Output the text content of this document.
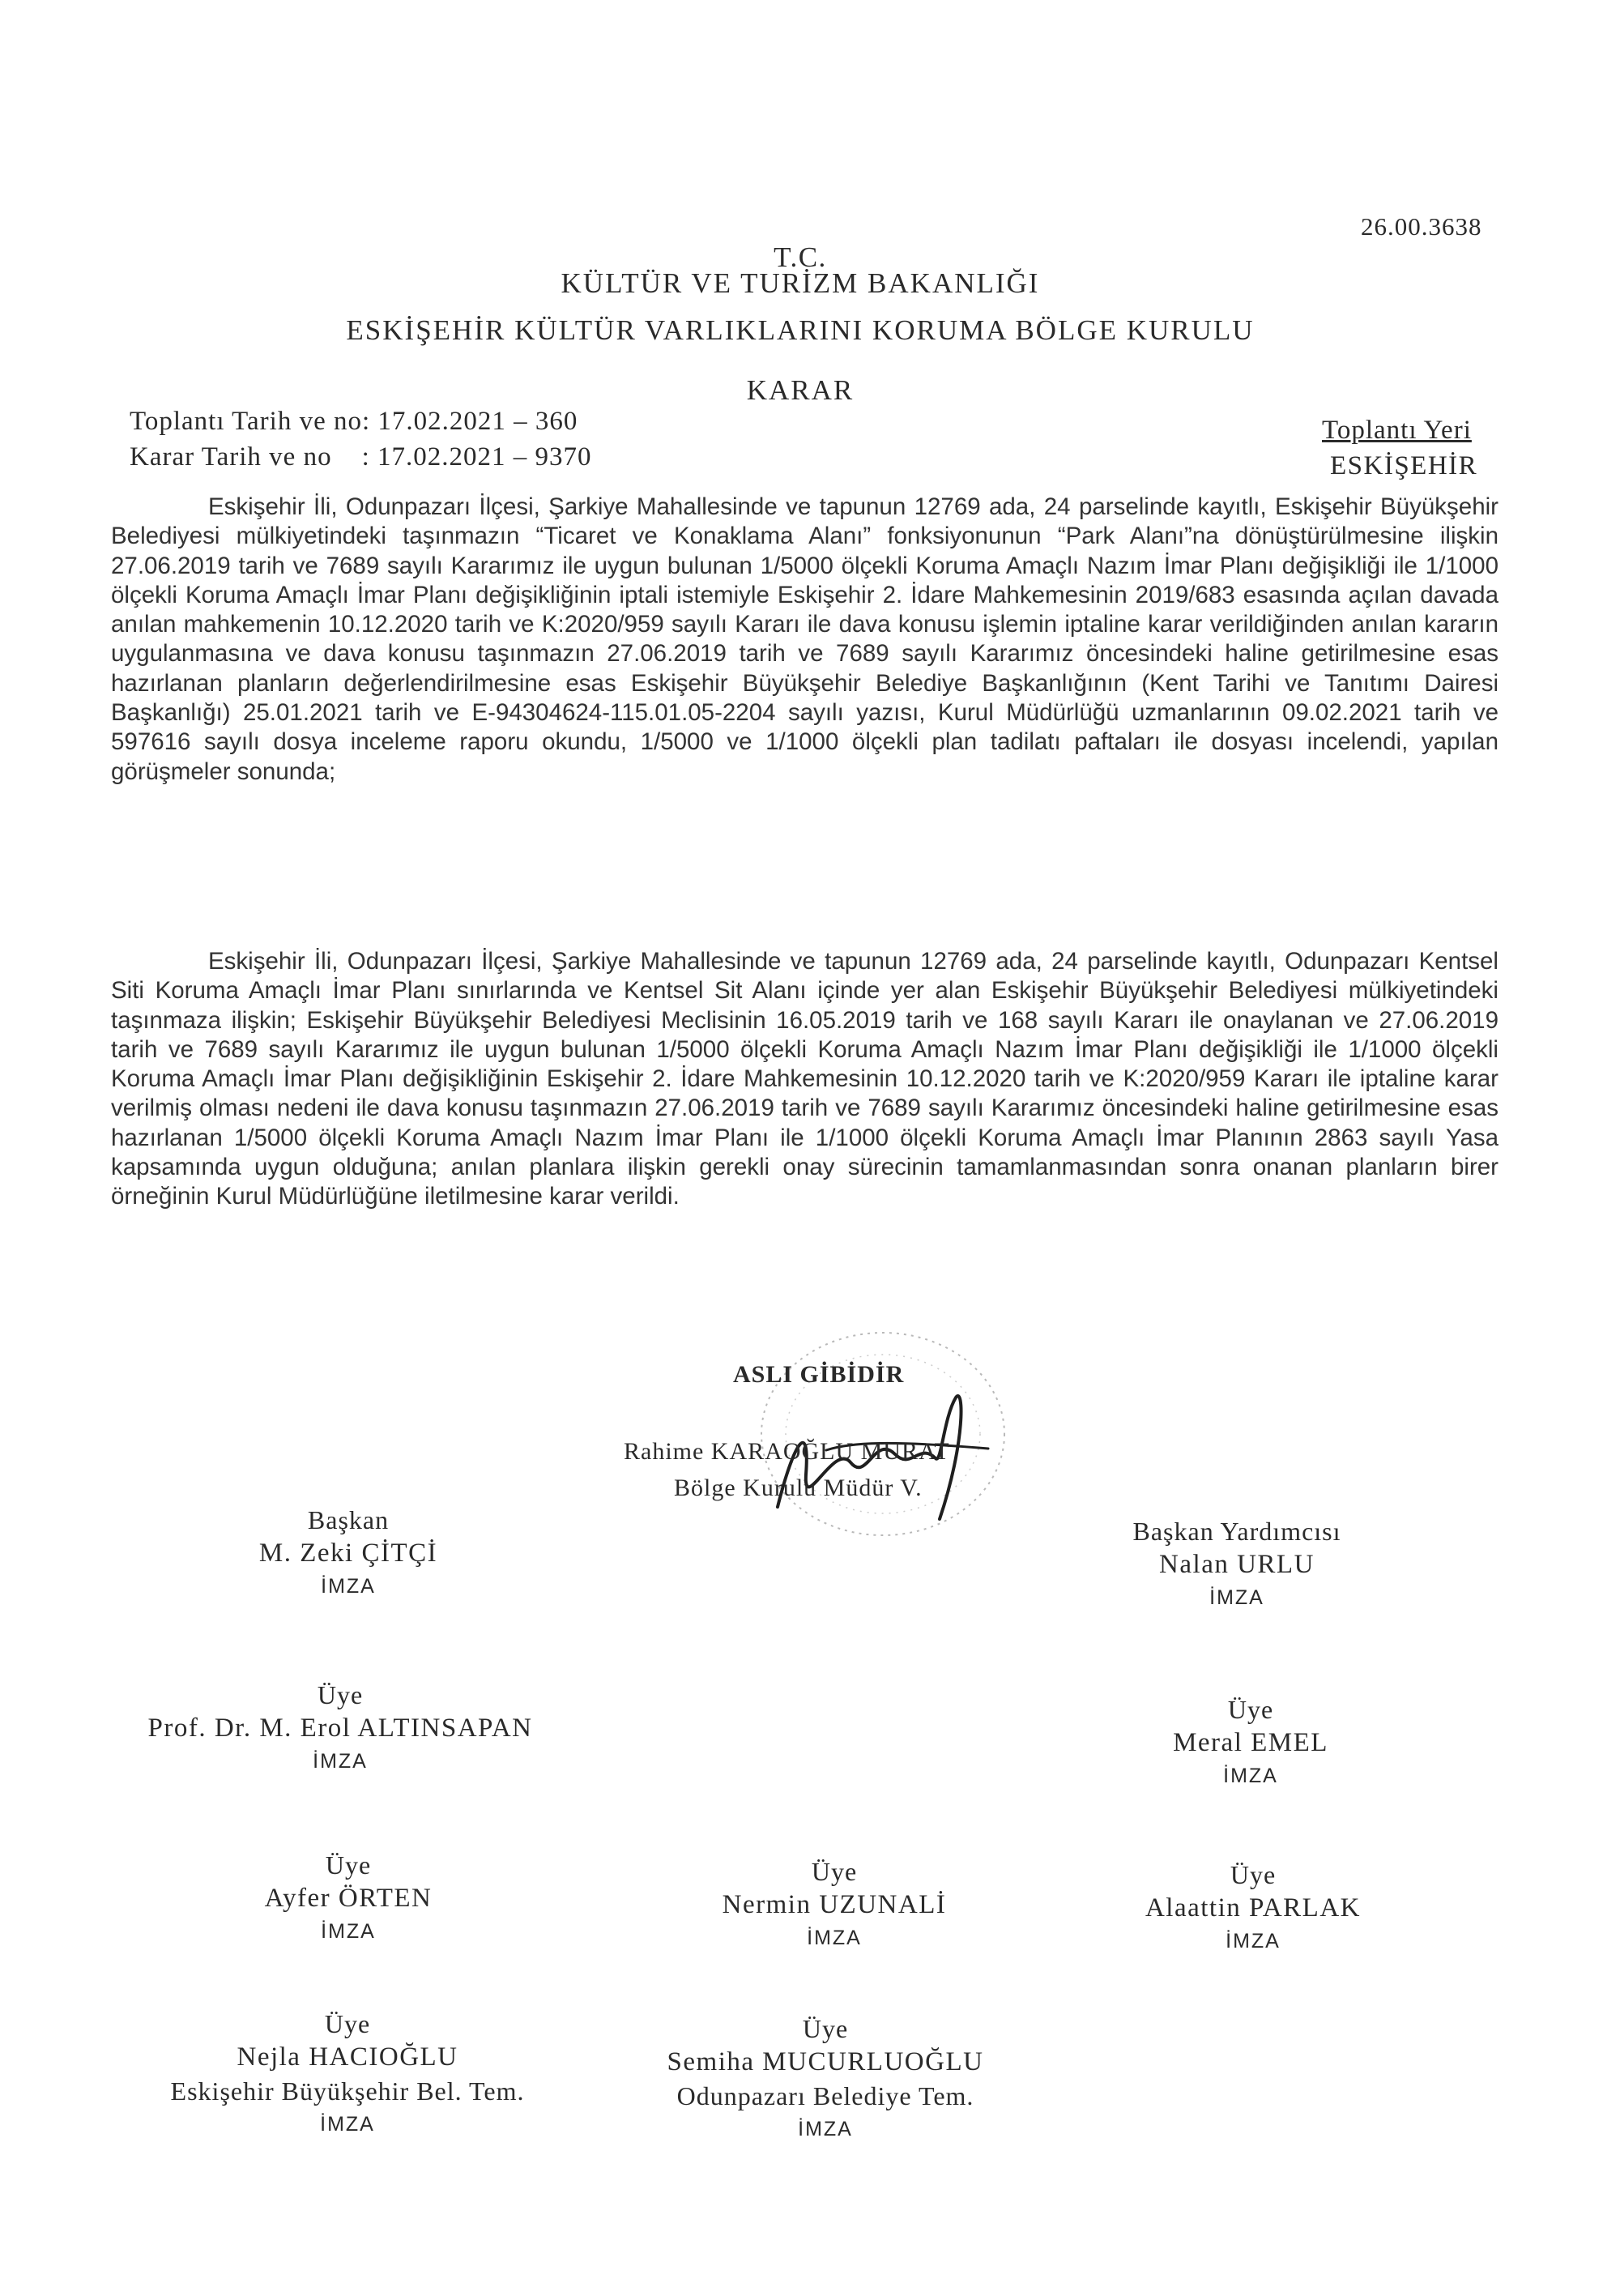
26.00.3638
T.C.
KÜLTÜR VE TURİZM BAKANLIĞI
ESKİŞEHİR KÜLTÜR VARLIKLARINI KORUMA BÖLGE KURULU
KARAR
Toplantı Tarih ve no: 17.02.2021 – 360
Karar Tarih ve no    : 17.02.2021 – 9370
Toplantı Yeri
ESKİŞEHİR
Eskişehir İli, Odunpazarı İlçesi, Şarkiye Mahallesinde ve tapunun 12769 ada, 24 parselinde kayıtlı, Eskişehir Büyükşehir Belediyesi mülkiyetindeki taşınmazın “Ticaret ve Konaklama Alanı” fonksiyonunun “Park Alanı”na dönüştürülmesine ilişkin 27.06.2019 tarih ve 7689 sayılı Kararımız ile uygun bulunan 1/5000 ölçekli Koruma Amaçlı Nazım İmar Planı değişikliği ile 1/1000 ölçekli Koruma Amaçlı İmar Planı değişikliğinin iptali istemiyle Eskişehir 2. İdare Mahkemesinin 2019/683 esasında açılan davada anılan mahkemenin 10.12.2020 tarih ve K:2020/959 sayılı Kararı ile dava konusu işlemin iptaline karar verildiğinden anılan kararın uygulanmasına ve dava konusu taşınmazın 27.06.2019 tarih ve 7689 sayılı Kararımız öncesindeki haline getirilmesine esas hazırlanan planların değerlendirilmesine esas Eskişehir Büyükşehir Belediye Başkanlığının (Kent Tarihi ve Tanıtımı Dairesi Başkanlığı) 25.01.2021 tarih ve E-94304624-115.01.05-2204 sayılı yazısı, Kurul Müdürlüğü uzmanlarının 09.02.2021 tarih ve 597616 sayılı dosya inceleme raporu okundu, 1/5000 ve 1/1000 ölçekli plan tadilatı paftaları ile dosyası incelendi, yapılan görüşmeler sonunda;
Eskişehir İli, Odunpazarı İlçesi, Şarkiye Mahallesinde ve tapunun 12769 ada, 24 parselinde kayıtlı, Odunpazarı Kentsel Siti Koruma Amaçlı İmar Planı sınırlarında ve Kentsel Sit Alanı içinde yer alan Eskişehir Büyükşehir Belediyesi mülkiyetindeki taşınmaza ilişkin; Eskişehir Büyükşehir Belediyesi Meclisinin 16.05.2019 tarih ve 168 sayılı Kararı ile onaylanan ve 27.06.2019 tarih ve 7689 sayılı Kararımız ile uygun bulunan 1/5000 ölçekli Koruma Amaçlı Nazım İmar Planı değişikliği ile 1/1000 ölçekli Koruma Amaçlı İmar Planı değişikliğinin Eskişehir 2. İdare Mahkemesinin 10.12.2020 tarih ve K:2020/959 Kararı ile iptaline karar verilmiş olması nedeni ile dava konusu taşınmazın 27.06.2019 tarih ve 7689 sayılı Kararımız öncesindeki haline getirilmesine esas hazırlanan 1/5000 ölçekli Koruma Amaçlı Nazım İmar Planı ile 1/1000 ölçekli Koruma Amaçlı İmar Planının 2863 sayılı Yasa kapsamında uygun olduğuna; anılan planlara ilişkin gerekli onay sürecinin tamamlanmasından sonra onanan planların birer örneğinin Kurul Müdürlüğüne iletilmesine karar verildi.
ASLI GİBİDİR
Rahime KARAOĞLU MURAT
Bölge Kurulu Müdür V.
Başkan
M. Zeki ÇİTÇİ
İMZA
Başkan Yardımcısı
Nalan URLU
İMZA
Üye
Prof. Dr. M. Erol ALTINSAPAN
İMZA
Üye
Meral EMEL
İMZA
Üye
Ayfer ÖRTEN
İMZA
Üye
Nermin UZUNALİ
İMZA
Üye
Alaattin PARLAK
İMZA
Üye
Nejla HACIOĞLU
Eskişehir Büyükşehir Bel. Tem.
İMZA
Üye
Semiha MUCURLUOĞLU
Odunpazarı Belediye Tem.
İMZA
